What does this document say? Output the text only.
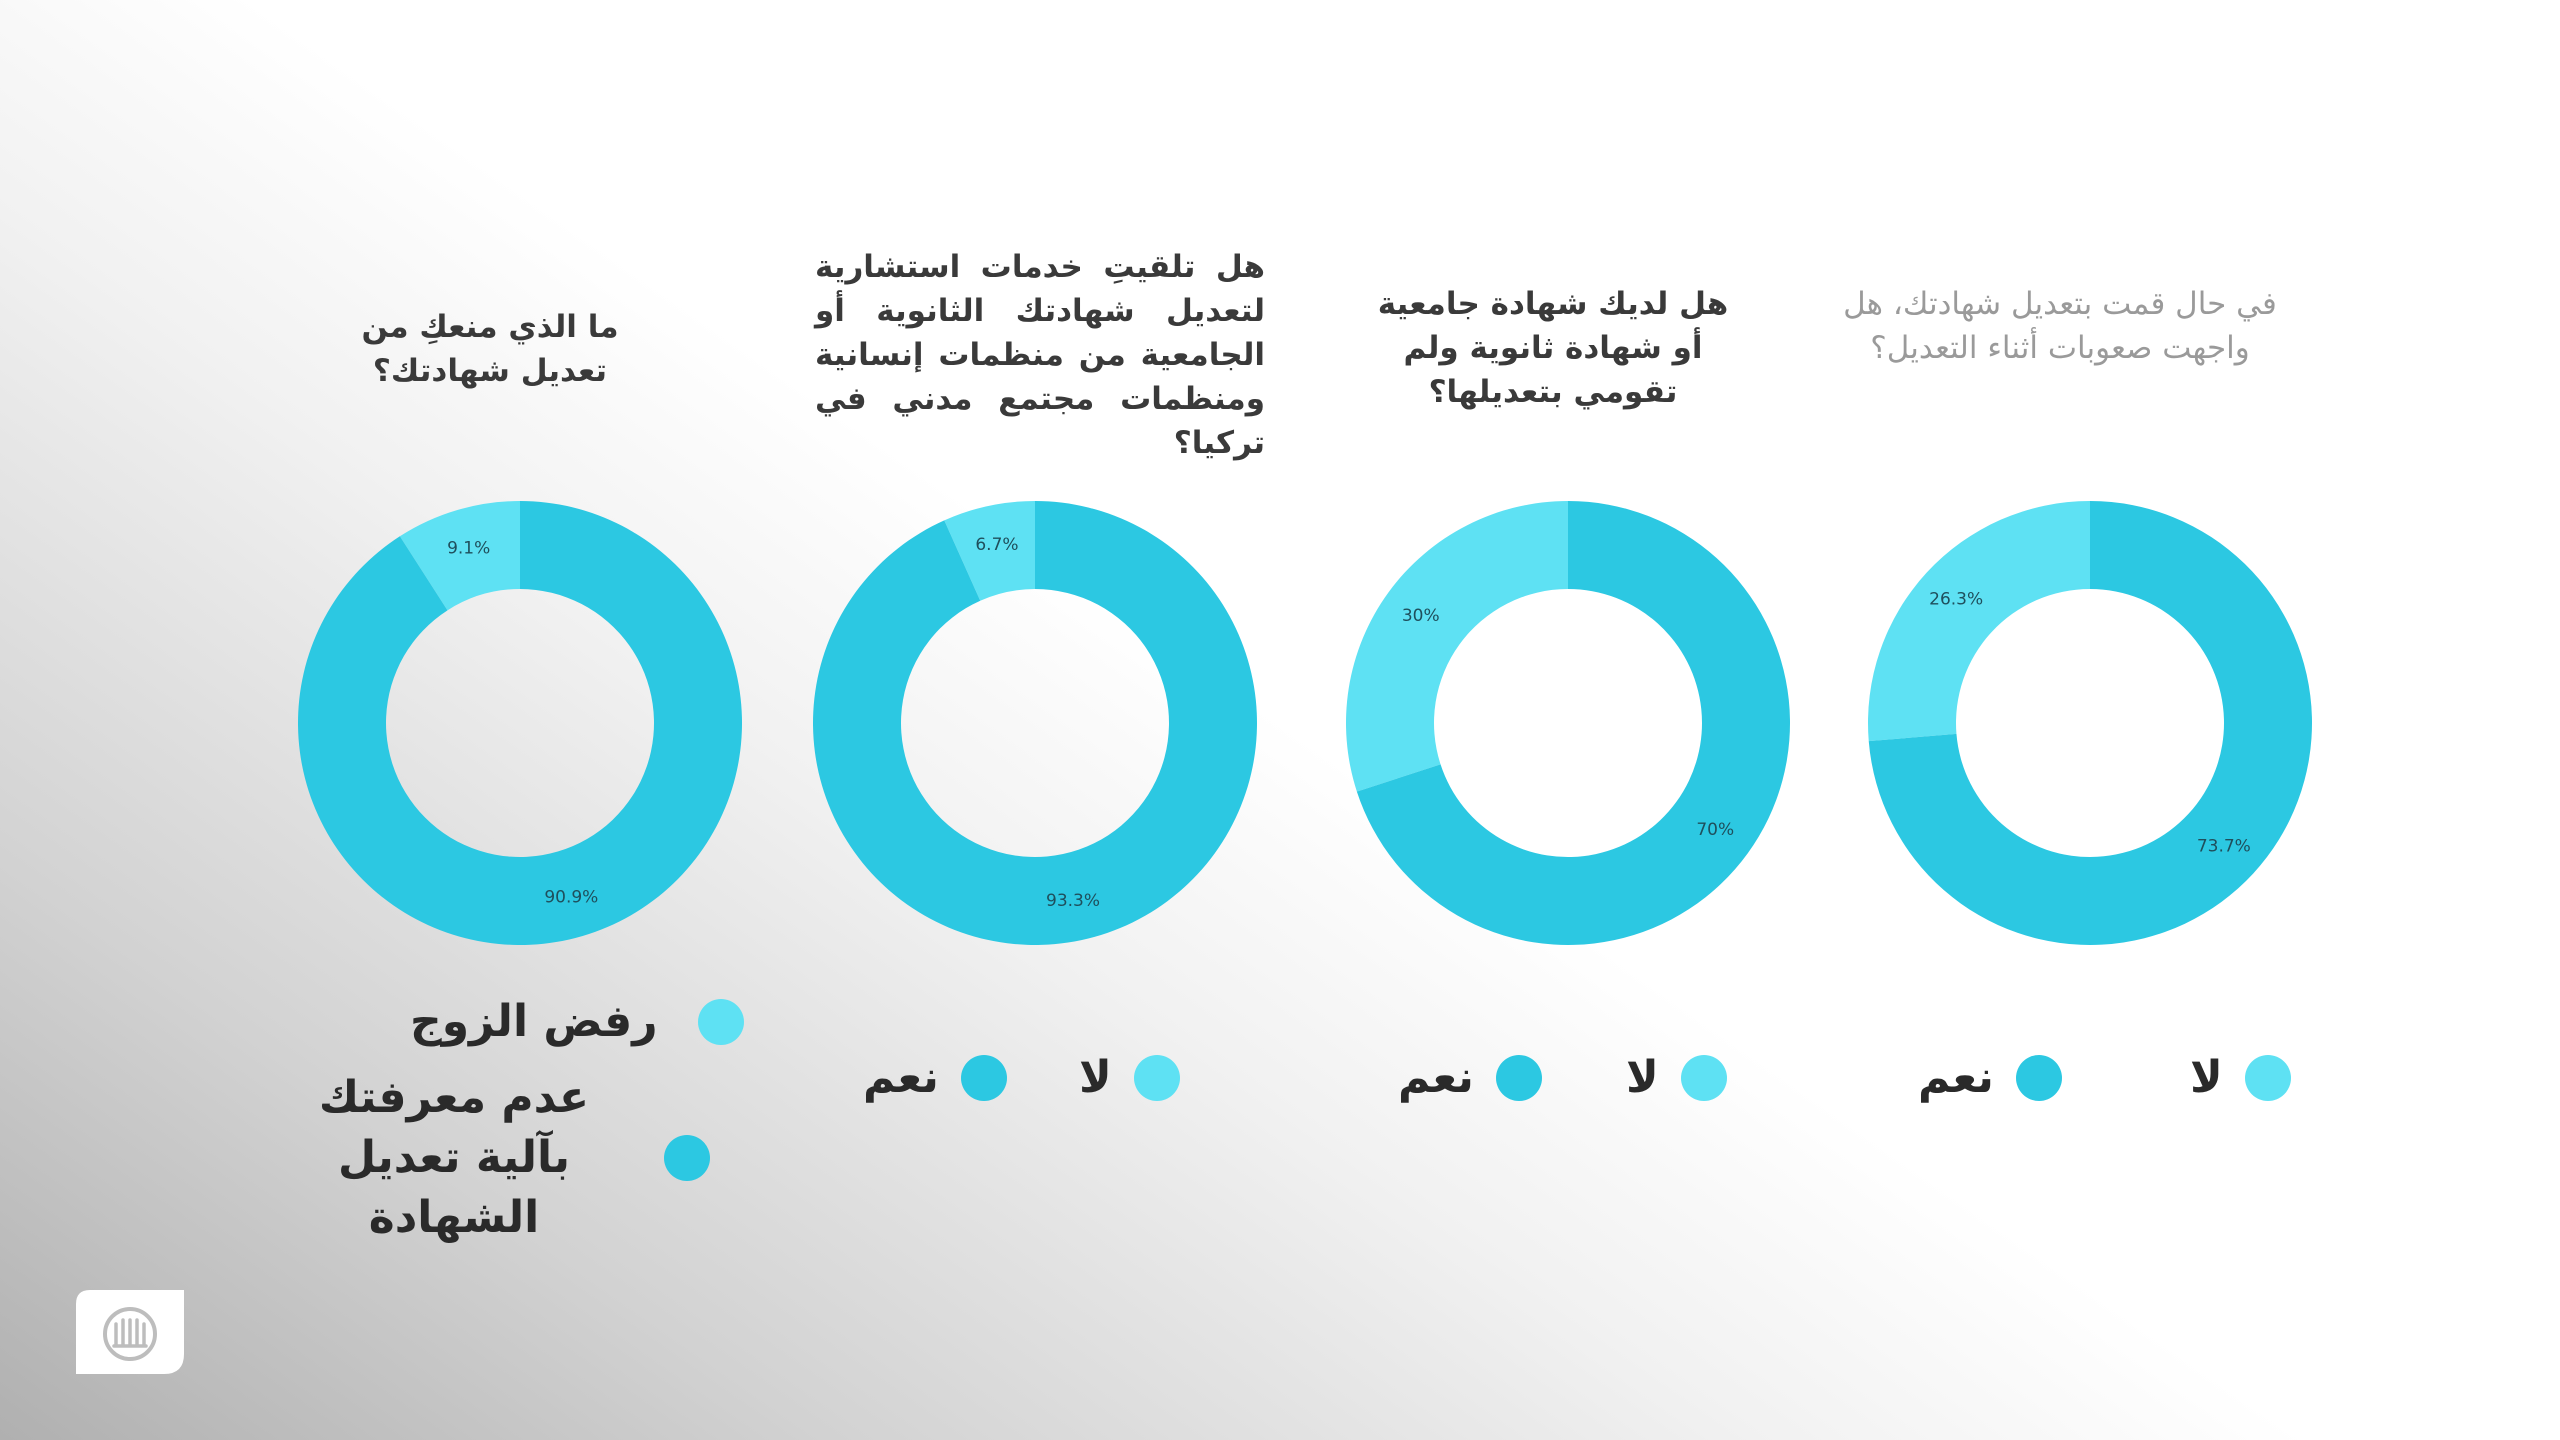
في حال قمت بتعديل شهادتك، هل واجهت صعوبات أثناء التعديل؟
26.3%
73.7%
لا
نعم
هل لديك شهادة جامعية أو شهادة ثانوية ولم تقومي بتعديلها؟
30%
70%
لا
نعم
هل تلقيتِ خدمات استشارية لتعديل شهادتك الثانوية أو الجامعية من منظمات إنسانية ومنظمات مجتمع مدني في تركيا؟
6.7%
93.3%
لا
نعم
ما الذي منعكِ من تعديل شهادتك؟
9.1%
90.9%
رفض الزوج
عدم معرفتك بآلية تعديل الشهادة
